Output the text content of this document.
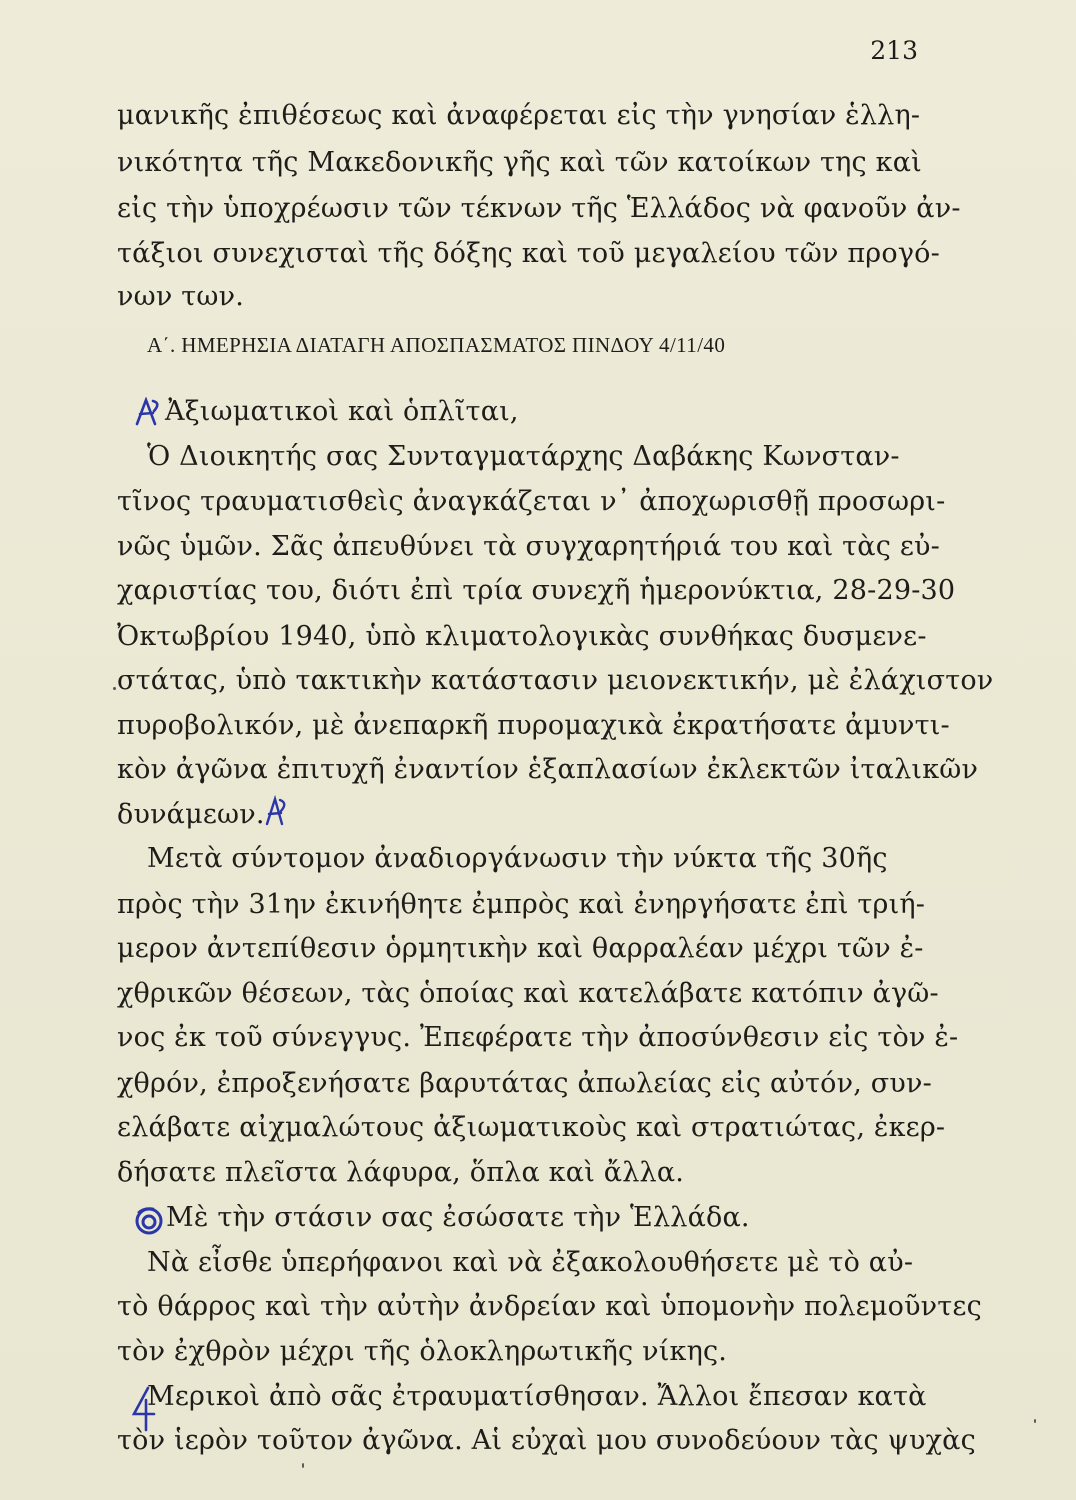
213
μανικῆς ἐπιθέσεως καὶ ἀναφέρεται εἰς τὴν γνησίαν ἑλλη-
νικότητα τῆς Μακεδονικῆς γῆς καὶ τῶν κατοίκων της καὶ
εἰς τὴν ὑποχρέωσιν τῶν τέκνων τῆς Ἑλλάδος νὰ φανοῦν ἀν-
τάξιοι συνεχισταὶ τῆς δόξης καὶ τοῦ μεγαλείου τῶν προγό-
νων των.
Α΄. ΗΜΕΡΗΣΙΑ ΔΙΑΤΑΓΗ ΑΠΟΣΠΑΣΜΑΤΟΣ ΠΙΝΔΟΥ 4/11/40
Ἀξιωματικοὶ καὶ ὁπλῖται,
Ὁ Διοικητής σας Συνταγματάρχης Δαβάκης Κωνσταν-
τῖνος τραυματισθεὶς ἀναγκάζεται ν᾽ ἀποχωρισθῇ προσωρι-
νῶς ὑμῶν. Σᾶς ἀπευθύνει τὰ συγχαρητήριά του καὶ τὰς εὐ-
χαριστίας του, διότι ἐπὶ τρία συνεχῆ ἡμερονύκτια, 28-29-30
Ὀκτωβρίου 1940, ὑπὸ κλιματολογικὰς συνθήκας δυσμενε-
στάτας, ὑπὸ τακτικὴν κατάστασιν μειονεκτικήν, μὲ ἐλάχιστον
πυροβολικόν, μὲ ἀνεπαρκῆ πυρομαχικὰ ἐκρατήσατε ἀμυντι-
κὸν ἀγῶνα ἐπιτυχῆ ἐναντίον ἑξαπλασίων ἐκλεκτῶν ἰταλικῶν
δυνάμεων.
Μετὰ σύντομον ἀναδιοργάνωσιν τὴν νύκτα τῆς 30ῆς
πρὸς τὴν 31ην ἐκινήθητε ἐμπρὸς καὶ ἐνηργήσατε ἐπὶ τριή-
μερον ἀντεπίθεσιν ὁρμητικὴν καὶ θαρραλέαν μέχρι τῶν ἐ-
χθρικῶν θέσεων, τὰς ὁποίας καὶ κατελάβατε κατόπιν ἀγῶ-
νος ἐκ τοῦ σύνεγγυς. Ἐπεφέρατε τὴν ἀποσύνθεσιν εἰς τὸν ἐ-
χθρόν, ἐπροξενήσατε βαρυτάτας ἀπωλείας εἰς αὐτόν, συν-
ελάβατε αἰχμαλώτους ἀξιωματικοὺς καὶ στρατιώτας, ἐκερ-
δήσατε πλεῖστα λάφυρα, ὅπλα καὶ ἄλλα.
Μὲ τὴν στάσιν σας ἐσώσατε τὴν Ἑλλάδα.
Νὰ εἶσθε ὑπερήφανοι καὶ νὰ ἐξακολουθήσετε μὲ τὸ αὐ-
τὸ θάρρος καὶ τὴν αὐτὴν ἀνδρείαν καὶ ὑπομονὴν πολεμοῦντες
τὸν ἐχθρὸν μέχρι τῆς ὁλοκληρωτικῆς νίκης.
Μερικοὶ ἀπὸ σᾶς ἐτραυματίσθησαν. Ἄλλοι ἔπεσαν κατὰ
τὸν ἱερὸν τοῦτον ἀγῶνα. Αἱ εὐχαὶ μου συνοδεύουν τὰς ψυχὰς
